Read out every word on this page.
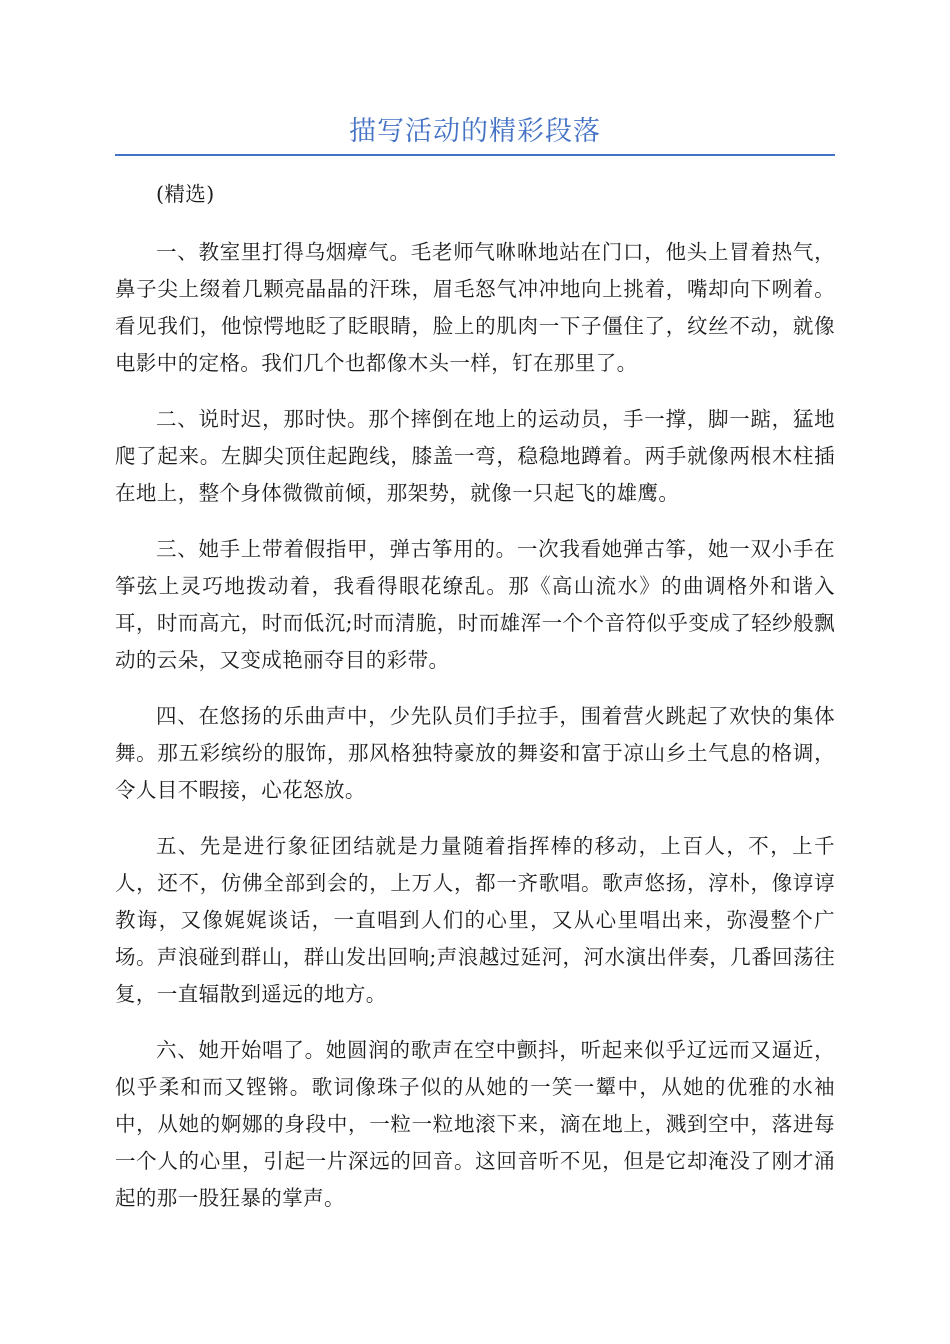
描写活动的精彩段落

(精选)

一、教室里打得乌烟瘴气。毛老师气咻咻地站在门口，他头上冒着热气，鼻子尖上缀着几颗亮晶晶的汗珠，眉毛怒气冲冲地向上挑着，嘴却向下咧着。看见我们，他惊愕地眨了眨眼睛，脸上的肌肉一下子僵住了，纹丝不动，就像电影中的定格。我们几个也都像木头一样，钉在那里了。

二、说时迟，那时快。那个摔倒在地上的运动员，手一撑，脚一踮，猛地爬了起来。左脚尖顶住起跑线，膝盖一弯，稳稳地蹲着。两手就像两根木柱插在地上，整个身体微微前倾，那架势，就像一只起飞的雄鹰。

三、她手上带着假指甲，弹古筝用的。一次我看她弹古筝，她一双小手在筝弦上灵巧地拨动着，我看得眼花缭乱。那《高山流水》的曲调格外和谐入耳，时而高亢，时而低沉;时而清脆，时而雄浑一个个音符似乎变成了轻纱般飘动的云朵，又变成艳丽夺目的彩带。

四、在悠扬的乐曲声中，少先队员们手拉手，围着营火跳起了欢快的集体舞。那五彩缤纷的服饰，那风格独特豪放的舞姿和富于凉山乡土气息的格调，令人目不暇接，心花怒放。

五、先是进行象征团结就是力量随着指挥棒的移动，上百人，不，上千人，还不，仿佛全部到会的，上万人，都一齐歌唱。歌声悠扬，淳朴，像谆谆教诲，又像娓娓谈话，一直唱到人们的心里，又从心里唱出来，弥漫整个广场。声浪碰到群山，群山发出回响;声浪越过延河，河水演出伴奏，几番回荡往复，一直辐散到遥远的地方。

六、她开始唱了。她圆润的歌声在空中颤抖，听起来似乎辽远而又逼近，似乎柔和而又铿锵。歌词像珠子似的从她的一笑一颦中，从她的优雅的水袖中，从她的婀娜的身段中，一粒一粒地滚下来，滴在地上，溅到空中，落进每一个人的心里，引起一片深远的回音。这回音听不见，但是它却淹没了刚才涌起的那一股狂暴的掌声。
